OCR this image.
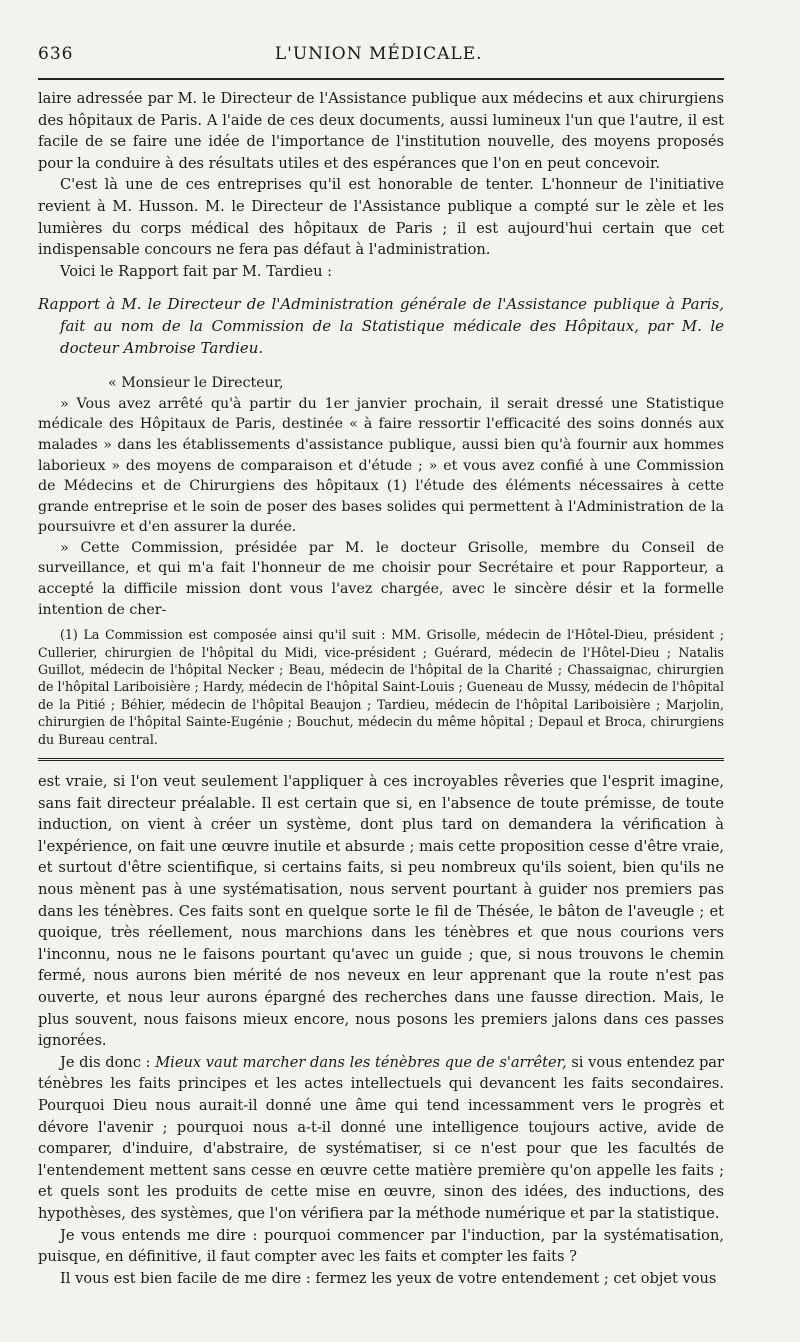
636	L'UNION MÉDICALE.

laire adressée par M. le Directeur de l'Assistance publique aux médecins et aux chirurgiens des hôpitaux de Paris. A l'aide de ces deux documents, aussi lumineux l'un que l'autre, il est facile de se faire une idée de l'importance de l'institution nouvelle, des moyens proposés pour la conduire à des résultats utiles et des espérances que l'on en peut concevoir.

C'est là une de ces entreprises qu'il est honorable de tenter. L'honneur de l'initiative revient à M. Husson. M. le Directeur de l'Assistance publique a compté sur le zèle et les lumières du corps médical des hôpitaux de Paris ; il est aujourd'hui certain que cet indispensable concours ne fera pas défaut à l'administration.

Voici le Rapport fait par M. Tardieu :

Rapport à M. le Directeur de l'Administration générale de l'Assistance publique à Paris, fait au nom de la Commission de la Statistique médicale des Hôpitaux, par M. le docteur Ambroise Tardieu.

« Monsieur le Directeur,

» Vous avez arrêté qu'à partir du 1er janvier prochain, il serait dressé une Statistique médicale des Hôpitaux de Paris, destinée « à faire ressortir l'efficacité des soins donnés aux malades » dans les établissements d'assistance publique, aussi bien qu'à fournir aux hommes laborieux » des moyens de comparaison et d'étude ; » et vous avez confié à une Commission de Médecins et de Chirurgiens des hôpitaux (1) l'étude des éléments nécessaires à cette grande entreprise et le soin de poser des bases solides qui permettent à l'Administration de la poursuivre et d'en assurer la durée.

» Cette Commission, présidée par M. le docteur Grisolle, membre du Conseil de surveillance, et qui m'a fait l'honneur de me choisir pour Secrétaire et pour Rapporteur, a accepté la difficile mission dont vous l'avez chargée, avec le sincère désir et la formelle intention de cher-

(1) La Commission est composée ainsi qu'il suit : MM. Grisolle, médecin de l'Hôtel-Dieu, président ; Cullerier, chirurgien de l'hôpital du Midi, vice-président ; Guérard, médecin de l'Hôtel-Dieu ; Natalis Guillot, médecin de l'hôpital Necker ; Beau, médecin de l'hôpital de la Charité ; Chassaignac, chirurgien de l'hôpital Lariboisière ; Hardy, médecin de l'hôpital Saint-Louis ; Gueneau de Mussy, médecin de l'hôpital de la Pitié ; Béhier, médecin de l'hôpital Beaujon ; Tardieu, médecin de l'hôpital Lariboisière ; Marjolin, chirurgien de l'hôpital Sainte-Eugénie ; Bouchut, médecin du même hôpital ; Depaul et Broca, chirurgiens du Bureau central.

est vraie, si l'on veut seulement l'appliquer à ces incroyables rêveries que l'esprit imagine, sans fait directeur préalable. Il est certain que si, en l'absence de toute prémisse, de toute induction, on vient à créer un système, dont plus tard on demandera la vérification à l'expérience, on fait une œuvre inutile et absurde ; mais cette proposition cesse d'être vraie, et surtout d'être scientifique, si certains faits, si peu nombreux qu'ils soient, bien qu'ils ne nous mènent pas à une systématisation, nous servent pourtant à guider nos premiers pas dans les ténèbres. Ces faits sont en quelque sorte le fil de Thésée, le bâton de l'aveugle ; et quoique, très réellement, nous marchions dans les ténèbres et que nous courions vers l'inconnu, nous ne le faisons pourtant qu'avec un guide ; que, si nous trouvons le chemin fermé, nous aurons bien mérité de nos neveux en leur apprenant que la route n'est pas ouverte, et nous leur aurons épargné des recherches dans une fausse direction. Mais, le plus souvent, nous faisons mieux encore, nous posons les premiers jalons dans ces passes ignorées.

Je dis donc : Mieux vaut marcher dans les ténèbres que de s'arrêter, si vous entendez par ténèbres les faits principes et les actes intellectuels qui devancent les faits secondaires. Pourquoi Dieu nous aurait-il donné une âme qui tend incessamment vers le progrès et dévore l'avenir ; pourquoi nous a-t-il donné une intelligence toujours active, avide de comparer, d'induire, d'abstraire, de systématiser, si ce n'est pour que les facultés de l'entendement mettent sans cesse en œuvre cette matière première qu'on appelle les faits ; et quels sont les produits de cette mise en œuvre, sinon des idées, des inductions, des hypothèses, des systèmes, que l'on vérifiera par la méthode numérique et par la statistique.

Je vous entends me dire : pourquoi commencer par l'induction, par la systématisation, puisque, en définitive, il faut compter avec les faits et compter les faits ?

Il vous est bien facile de me dire : fermez les yeux de votre entendement ; cet objet vous
